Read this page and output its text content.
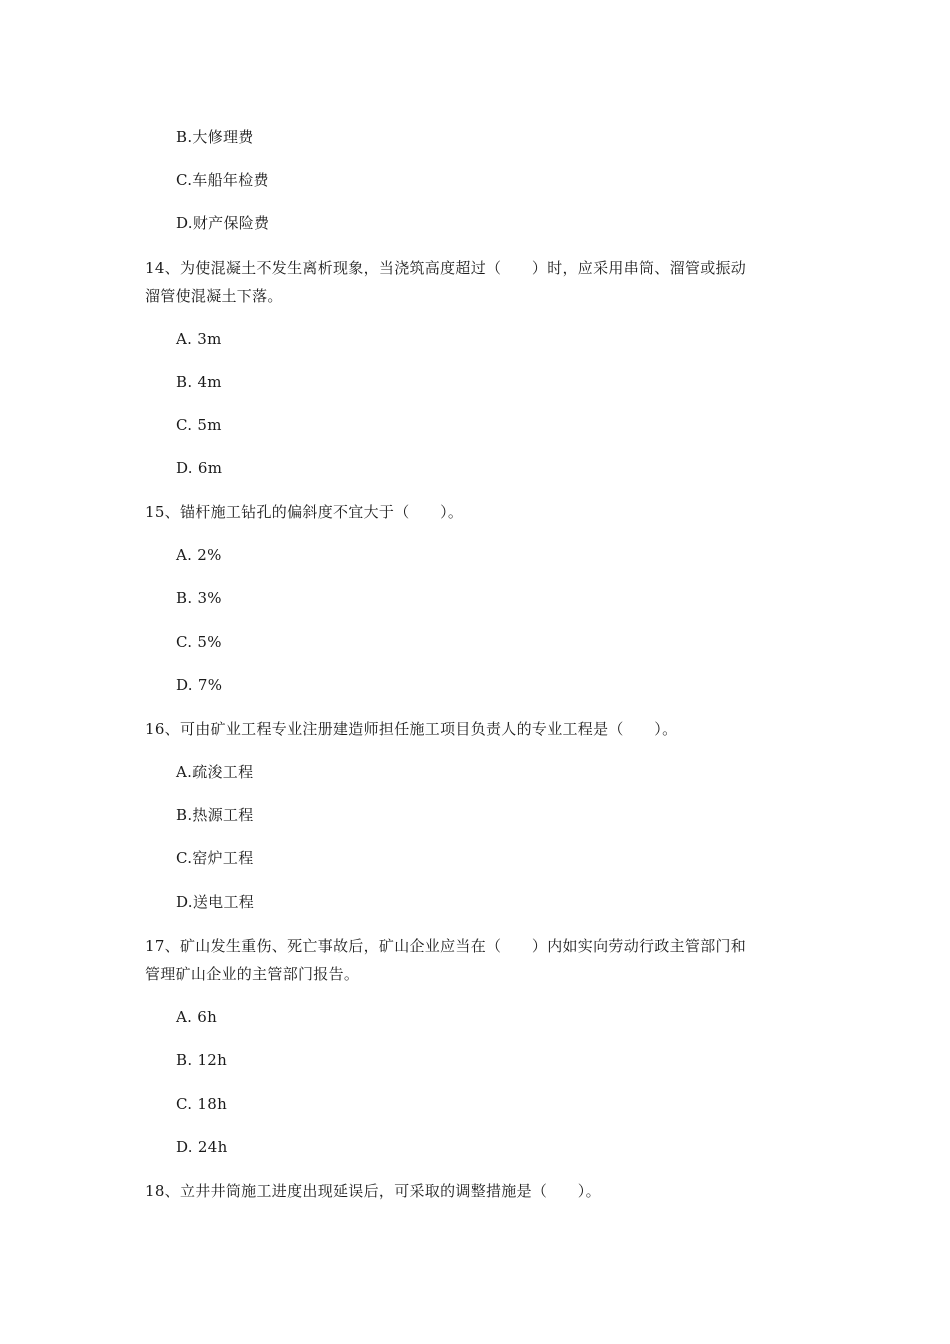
B.大修理费
C.车船年检费
D.财产保险费
14、为使混凝土不发生离析现象，当浇筑高度超过（　　）时，应采用串筒、溜管或振动
溜管使混凝土下落。
A. 3m
B. 4m
C. 5m
D. 6m
15、锚杆施工钻孔的偏斜度不宜大于（　　）。
A. 2%
B. 3%
C. 5%
D. 7%
16、可由矿业工程专业注册建造师担任施工项目负责人的专业工程是（　　）。
A.疏浚工程
B.热源工程
C.窑炉工程
D.送电工程
17、矿山发生重伤、死亡事故后，矿山企业应当在（　　）内如实向劳动行政主管部门和
管理矿山企业的主管部门报告。
A. 6h
B. 12h
C. 18h
D. 24h
18、立井井筒施工进度出现延误后，可采取的调整措施是（　　）。
